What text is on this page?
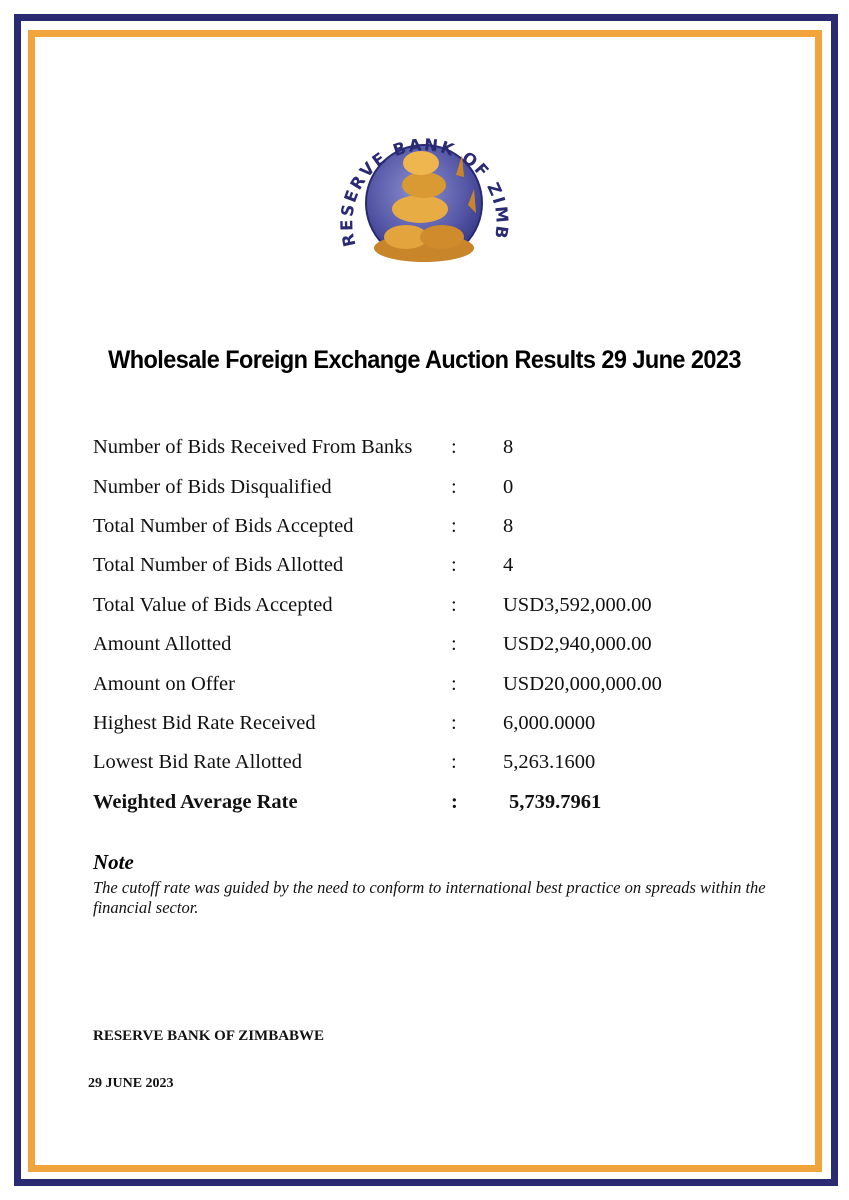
RESERVE BANK OF ZIMB
Wholesale Foreign Exchange Auction Results 29 June 2023
Number of Bids Received From Banks	:	8
Number of Bids Disqualified	:	0
Total Number of Bids Accepted	:	8
Total Number of Bids Allotted	:	4
Total Value of Bids Accepted	:	USD3,592,000.00
Amount Allotted	:	USD2,940,000.00
Amount on Offer	:	USD20,000,000.00
Highest Bid Rate Received	:	6,000.0000
Lowest Bid Rate Allotted	:	5,263.1600
Weighted Average Rate	:	5,739.7961
Note
The cutoff rate was guided by the need to conform to international best practice on spreads within the financial sector.
RESERVE BANK OF ZIMBABWE
29 JUNE 2023
